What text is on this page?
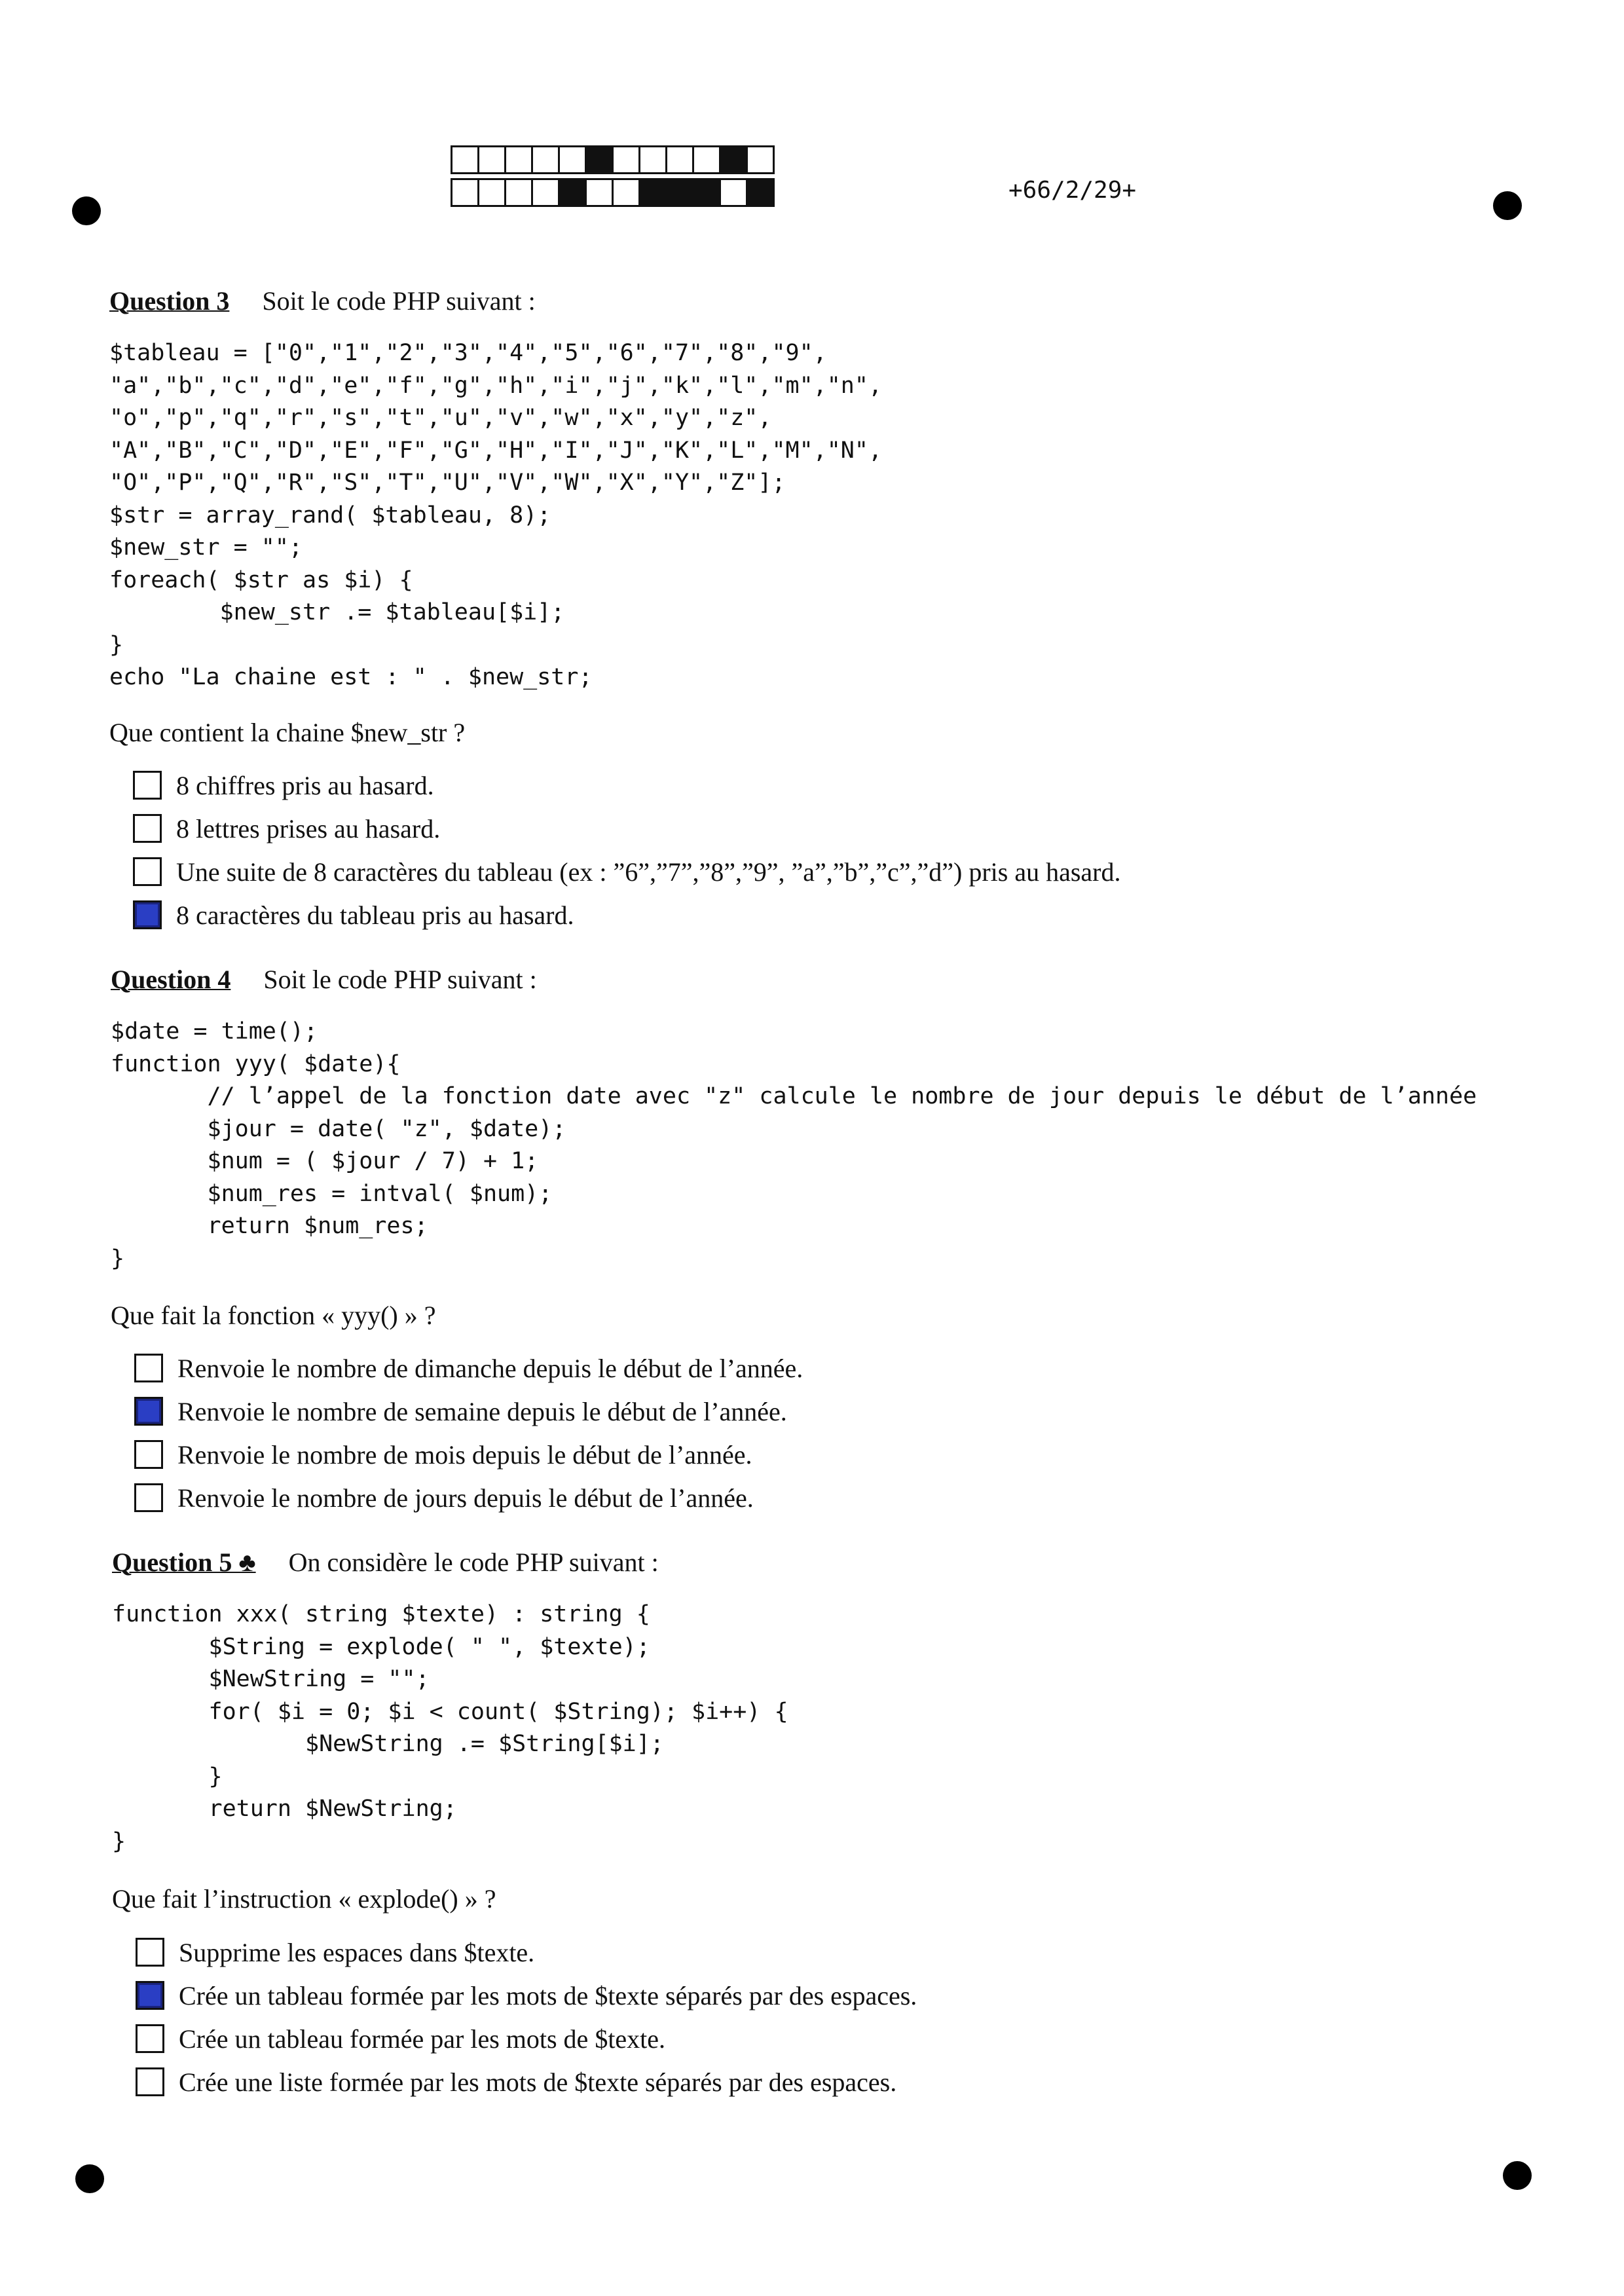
+66/2/29+
Question 3 Soit le code PHP suivant :
$tableau = ["0","1","2","3","4","5","6","7","8","9",
"a","b","c","d","e","f","g","h","i","j","k","l","m","n",
"o","p","q","r","s","t","u","v","w","x","y","z",
"A","B","C","D","E","F","G","H","I","J","K","L","M","N",
"O","P","Q","R","S","T","U","V","W","X","Y","Z"];
$str = array_rand( $tableau, 8);
$new_str = "";
foreach( $str as $i) {
$new_str .= $tableau[$i];
}
echo "La chaine est : " . $new_str;
Que contient la chaine $new_str ?
8 chiffres pris au hasard.
8 lettres prises au hasard.
Une suite de 8 caractères du tableau (ex : ”6”,”7”,”8”,”9”, ”a”,”b”,”c”,”d”) pris au hasard.
8 caractères du tableau pris au hasard.
Question 4 Soit le code PHP suivant :
$date = time();
function yyy( $date){
// l’appel de la fonction date avec "z" calcule le nombre de jour depuis le début de l’année
$jour = date( "z", $date);
$num = ( $jour / 7) + 1;
$num_res = intval( $num);
return $num_res;
}
Que fait la fonction « yyy() » ?
Renvoie le nombre de dimanche depuis le début de l’année.
Renvoie le nombre de semaine depuis le début de l’année.
Renvoie le nombre de mois depuis le début de l’année.
Renvoie le nombre de jours depuis le début de l’année.
Question 5 ♣ On considère le code PHP suivant :
function xxx( string $texte) : string {
$String = explode( " ", $texte);
$NewString = "";
for( $i = 0; $i < count( $String); $i++) {
$NewString .= $String[$i];
}
return $NewString;
}
Que fait l’instruction « explode() » ?
Supprime les espaces dans $texte.
Crée un tableau formée par les mots de $texte séparés par des espaces.
Crée un tableau formée par les mots de $texte.
Crée une liste formée par les mots de $texte séparés par des espaces.
